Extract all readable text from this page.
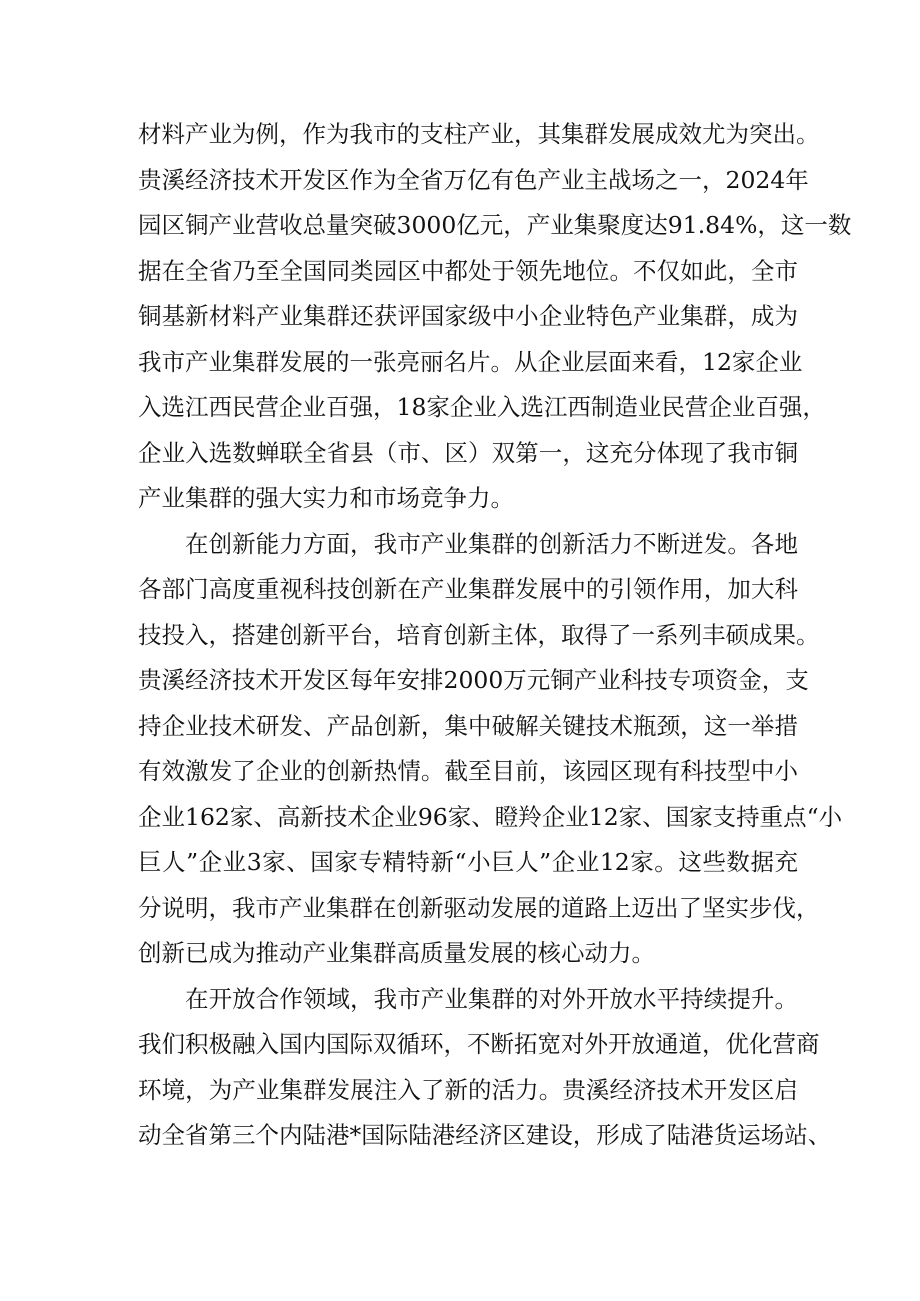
材料产业为例，作为我市的支柱产业，其集群发展成效尤为突出。
贵溪经济技术开发区作为全省万亿有色产业主战场之一，2024年
园区铜产业营收总量突破3000亿元，产业集聚度达91.84%，这一数
据在全省乃至全国同类园区中都处于领先地位。不仅如此，全市
铜基新材料产业集群还获评国家级中小企业特色产业集群，成为
我市产业集群发展的一张亮丽名片。从企业层面来看，12家企业
入选江西民营企业百强，18家企业入选江西制造业民营企业百强，
企业入选数蝉联全省县（市、区）双第一，这充分体现了我市铜
产业集群的强大实力和市场竞争力。
在创新能力方面，我市产业集群的创新活力不断迸发。各地
各部门高度重视科技创新在产业集群发展中的引领作用，加大科
技投入，搭建创新平台，培育创新主体，取得了一系列丰硕成果。
贵溪经济技术开发区每年安排2000万元铜产业科技专项资金，支
持企业技术研发、产品创新，集中破解关键技术瓶颈，这一举措
有效激发了企业的创新热情。截至目前，该园区现有科技型中小
企业162家、高新技术企业96家、瞪羚企业12家、国家支持重点“小
巨人”企业3家、国家专精特新“小巨人”企业12家。这些数据充
分说明，我市产业集群在创新驱动发展的道路上迈出了坚实步伐，
创新已成为推动产业集群高质量发展的核心动力。
在开放合作领域，我市产业集群的对外开放水平持续提升。
我们积极融入国内国际双循环，不断拓宽对外开放通道，优化营商
环境，为产业集群发展注入了新的活力。贵溪经济技术开发区启
动全省第三个内陆港*国际陆港经济区建设，形成了陆港货运场站、
